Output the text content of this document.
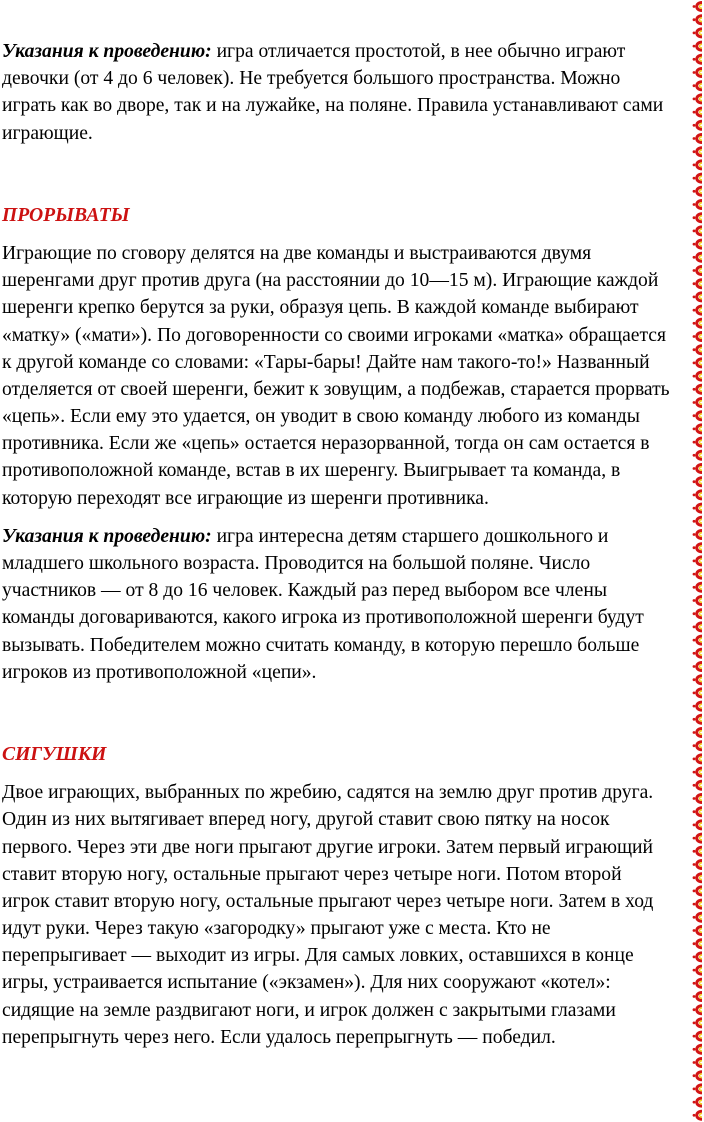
Указания к проведению: игра отличается простотой, в нее обычно играют
девочки (от 4 до 6 человек). Не требуется большого пространства. Можно
играть как во дворе, так и на лужайке, на поляне. Правила устанавливают сами
играющие.
ПРОРЫВАТЫ
Играющие по сговору делятся на две команды и выстраиваются двумя
шеренгами друг против друга (на расстоянии до 10—15 м). Играющие каждой
шеренги крепко берутся за руки, образуя цепь. В каждой команде выбирают
«матку» («мати»). По договоренности со своими игроками «матка» обращается
к другой команде со словами: «Тары-бары! Дайте нам такого-то!» Названный
отделяется от своей шеренги, бежит к зовущим, а подбежав, старается прорвать
«цепь». Если ему это удается, он уводит в свою команду любого из команды
противника. Если же «цепь» остается неразорванной, тогда он сам остается в
противоположной команде, встав в их шеренгу. Выигрывает та команда, в
которую переходят все играющие из шеренги противника.
Указания к проведению: игра интересна детям старшего дошкольного и
младшего школьного возраста. Проводится на большой поляне. Число
участников — от 8 до 16 человек. Каждый раз перед выбором все члены
команды договариваются, какого игрока из противоположной шеренги будут
вызывать. Победителем можно считать команду, в которую перешло больше
игроков из противоположной «цепи».
СИГУШКИ
Двое играющих, выбранных по жребию, садятся на землю друг против друга.
Один из них вытягивает вперед ногу, другой ставит свою пятку на носок
первого. Через эти две ноги прыгают другие игроки. Затем первый играющий
ставит вторую ногу, остальные прыгают через четыре ноги. Потом второй
игрок ставит вторую ногу, остальные прыгают через четыре ноги. Затем в ход
идут руки. Через такую «загородку» прыгают уже с места. Кто не
перепрыгивает — выходит из игры. Для самых ловких, оставшихся в конце
игры, устраивается испытание («экзамен»). Для них сооружают «котел»:
сидящие на земле раздвигают ноги, и игрок должен с закрытыми глазами
перепрыгнуть через него. Если удалось перепрыгнуть — победил.
